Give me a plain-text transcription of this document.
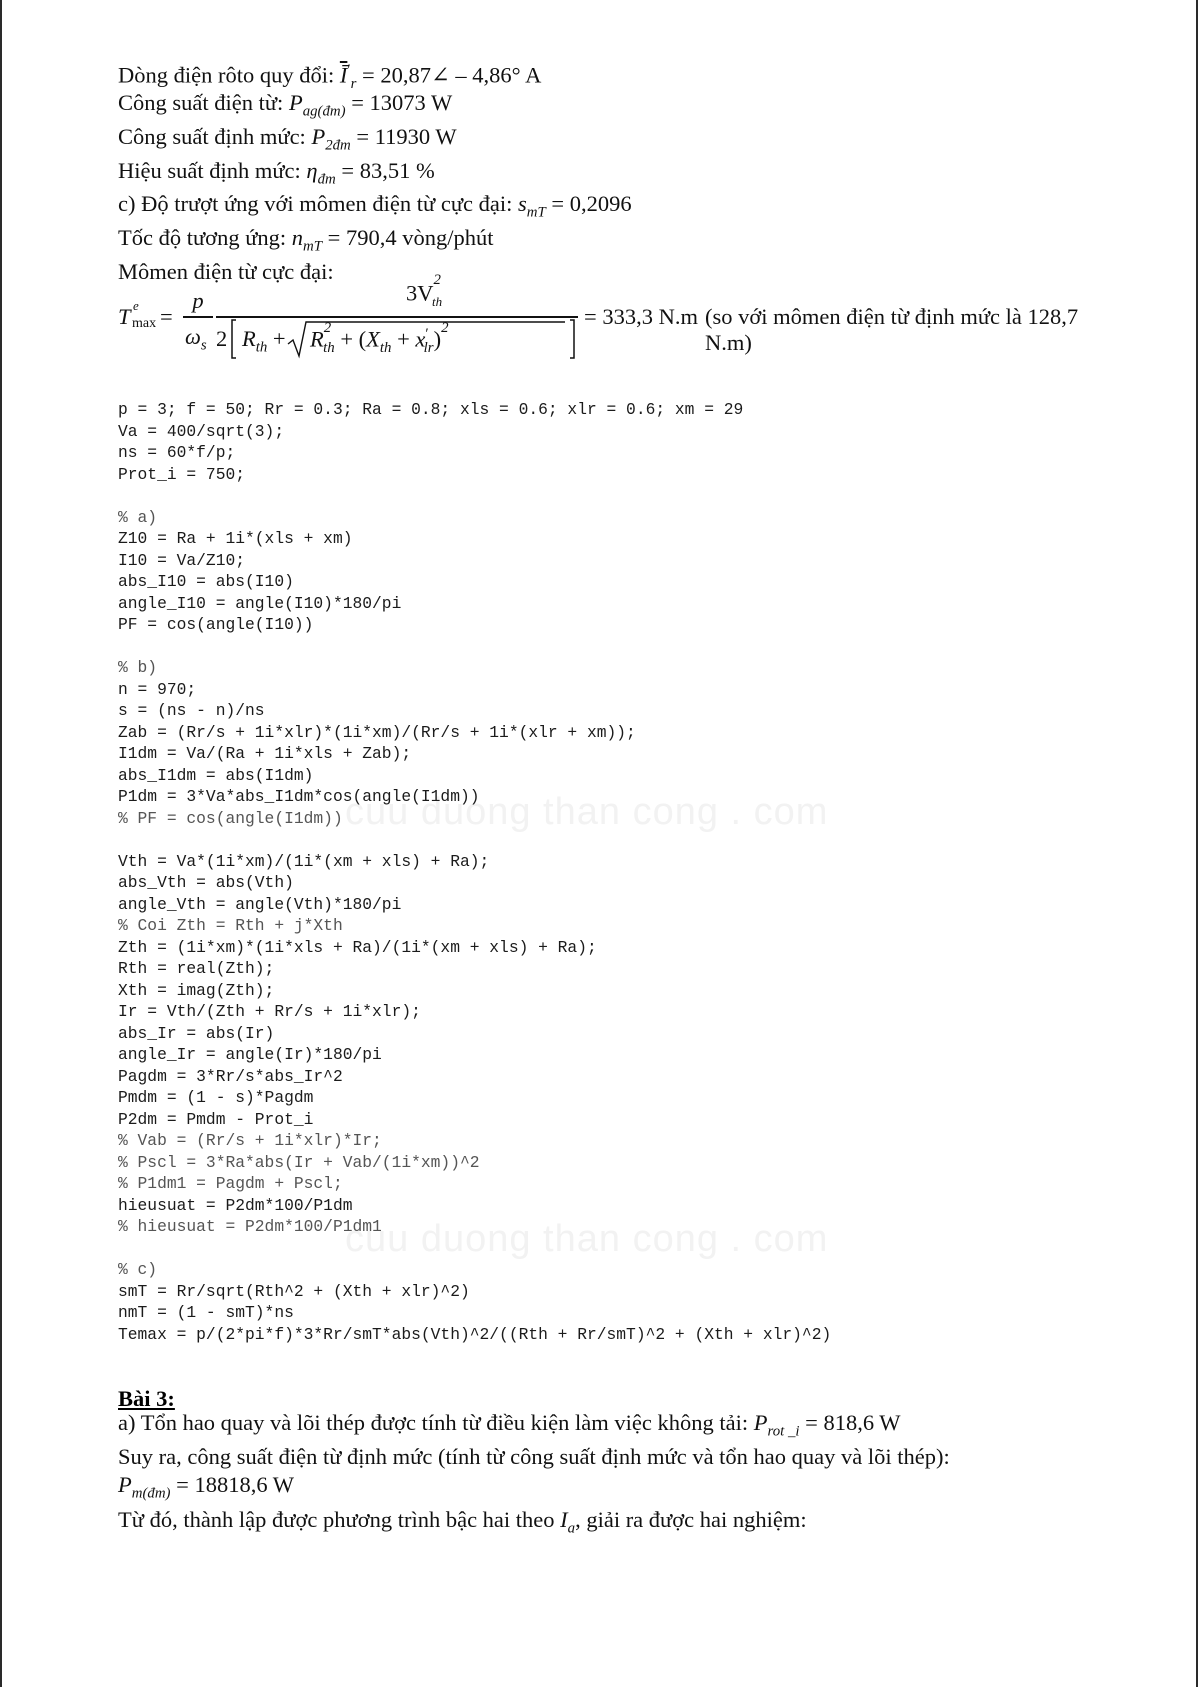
Dòng điện rôto quy đổi: $\overline{Ī}'_r$ = 20,87∠ – 4,86° A
Công suất điện từ: $P_{ag(đm)} = 13073$ W
Công suất định mức: $P_{2đm} = 11930$ W
Hiệu suất định mức: $\eta_{đm} = 83,51$ %
c) Độ trượt ứng với mômen điện từ cực đại: $s_{mT} = 0,2096$
Tốc độ tương ứng: $n_{mT} = 790,4$ vòng/phút
Mômen điện từ cực đại:
T e
max =
p
$\omega_s$
$3V^2$
th
2 $R_{th} + R^2_{th} + (X_{th} + x'_{lr})^2$	= 333,3 N.m (so với mômen điện từ định mức là 128,7 N.m)
cuu duong than cong . com
cuu duong than cong . com
p = 3; f = 50; Rr = 0.3; Ra = 0.8; xls = 0.6; xlr = 0.6; xm = 29
Va = 400/sqrt(3);
ns = 60*f/p;
Prot_i = 750;

% a)
Z10 = Ra + 1i*(xls + xm)
I10 = Va/Z10;
abs_I10 = abs(I10)
angle_I10 = angle(I10)*180/pi
PF = cos(angle(I10))

% b)
n = 970;
s = (ns - n)/ns
Zab = (Rr/s + 1i*xlr)*(1i*xm)/(Rr/s + 1i*(xlr + xm));
I1dm = Va/(Ra + 1i*xls + Zab);
abs_I1dm = abs(I1dm)
P1dm = 3*Va*abs_I1dm*cos(angle(I1dm))
% PF = cos(angle(I1dm))

Vth = Va*(1i*xm)/(1i*(xm + xls) + Ra);
abs_Vth = abs(Vth)
angle_Vth = angle(Vth)*180/pi
% Coi Zth = Rth + j*Xth
Zth = (1i*xm)*(1i*xls + Ra)/(1i*(xm + xls) + Ra);
Rth = real(Zth);
Xth = imag(Zth);
Ir = Vth/(Zth + Rr/s + 1i*xlr);
abs_Ir = abs(Ir)
angle_Ir = angle(Ir)*180/pi
Pagdm = 3*Rr/s*abs_Ir^2
Pmdm = (1 - s)*Pagdm
P2dm = Pmdm - Prot_i
% Vab = (Rr/s + 1i*xlr)*Ir;
% Pscl = 3*Ra*abs(Ir + Vab/(1i*xm))^2
% P1dm1 = Pagdm + Pscl;
hieusuat = P2dm*100/P1dm
% hieusuat = P2dm*100/P1dm1

% c)
smT = Rr/sqrt(Rth^2 + (Xth + xlr)^2)
nmT = (1 - smT)*ns
Temax = p/(2*pi*f)*3*Rr/smT*abs(Vth)^2/((Rth + Rr/smT)^2 + (Xth + xlr)^2)
Bài 3:
a) Tổn hao quay và lõi thép được tính từ điều kiện làm việc không tải: $P_{rot \_i} = 818,6$ W
Suy ra, công suất điện từ định mức (tính từ công suất định mức và tổn hao quay và lõi thép):
$P_{m(đm)} = 18818,6$ W
Từ đó, thành lập được phương trình bậc hai theo $I_a$, giải ra được hai nghiệm:
